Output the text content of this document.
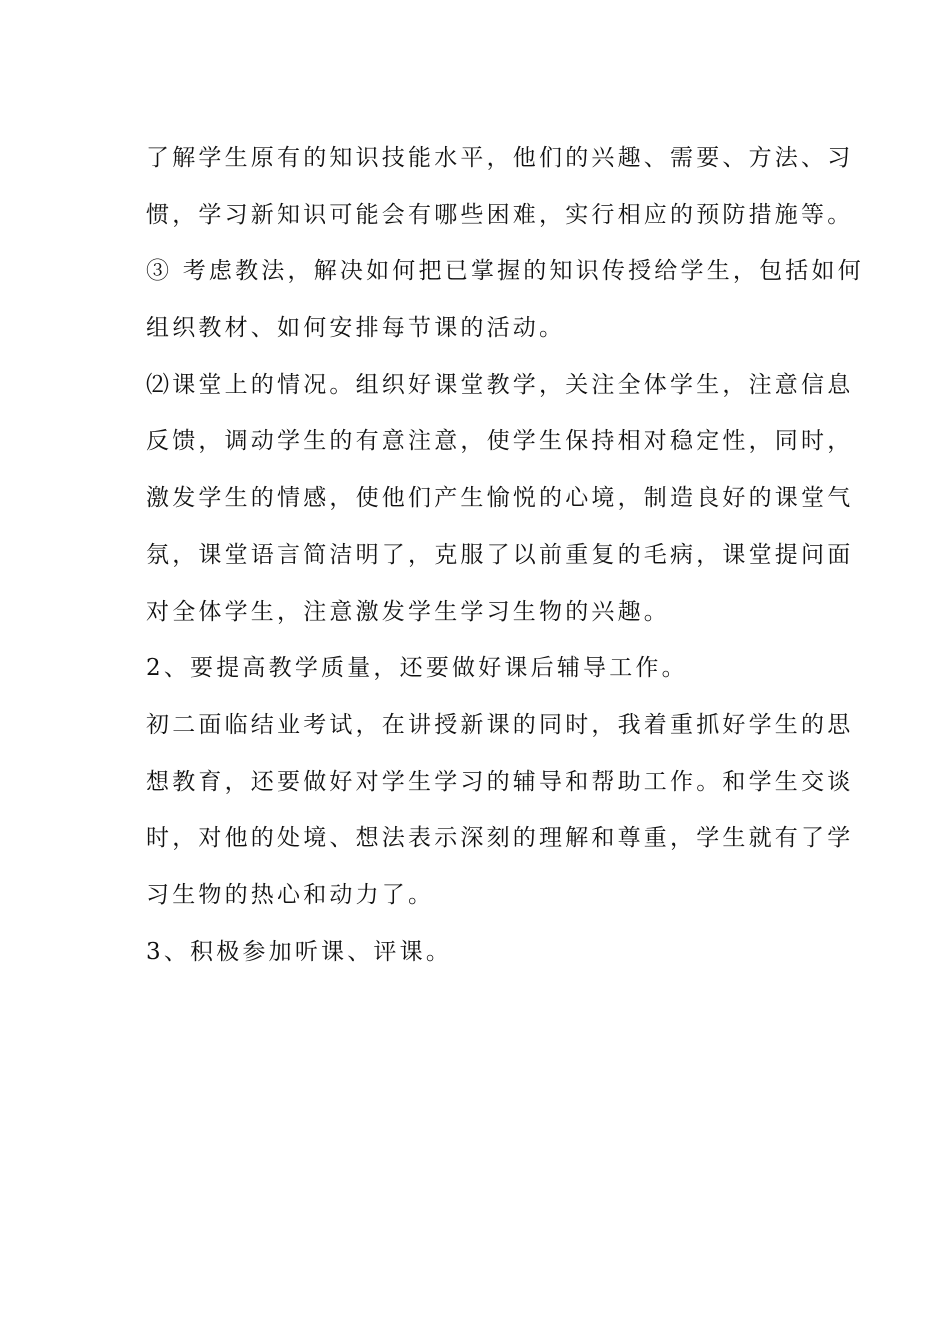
了解学生原有的知识技能水平，他们的兴趣、需要、方法、习
惯，学习新知识可能会有哪些困难，实行相应的预防措施等。
③ 考虑教法，解决如何把已掌握的知识传授给学生，包括如何
组织教材、如何安排每节课的活动。
⑵课堂上的情况。组织好课堂教学，关注全体学生，注意信息
反馈，调动学生的有意注意，使学生保持相对稳定性，同时，
激发学生的情感，使他们产生愉悦的心境，制造良好的课堂气
氛，课堂语言简洁明了，克服了以前重复的毛病，课堂提问面
对全体学生，注意激发学生学习生物的兴趣。
2、要提高教学质量，还要做好课后辅导工作。
初二面临结业考试，在讲授新课的同时，我着重抓好学生的思
想教育，还要做好对学生学习的辅导和帮助工作。和学生交谈
时，对他的处境、想法表示深刻的理解和尊重，学生就有了学
习生物的热心和动力了。
3、积极参加听课、评课。
